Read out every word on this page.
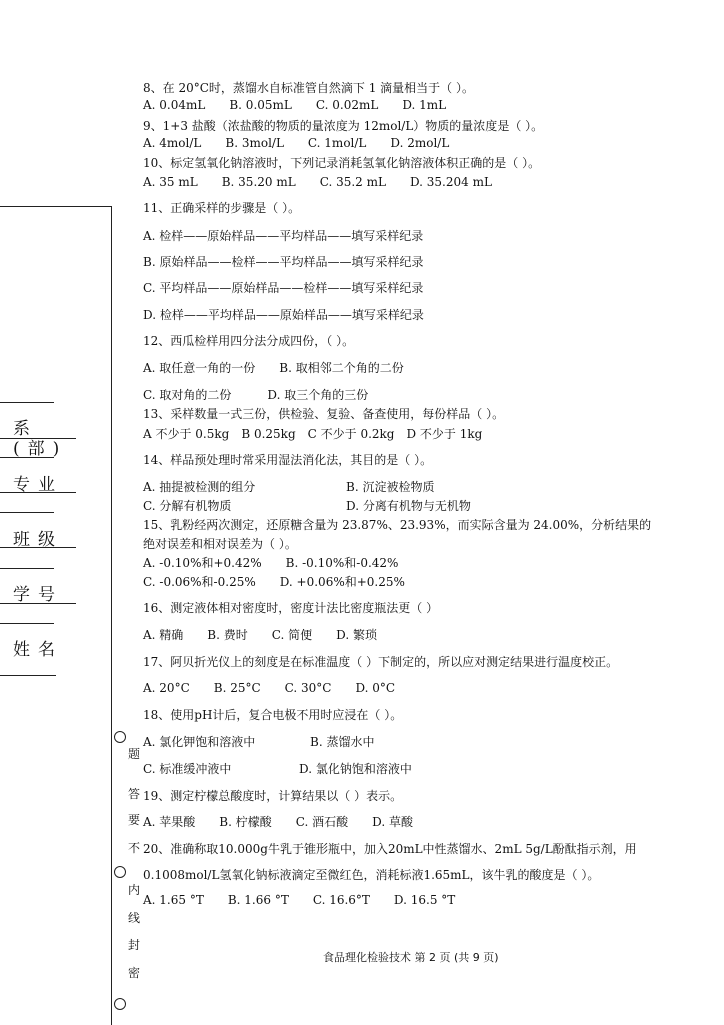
系(部)
专业
班级
学号
姓名
题
答
要
不
内
线
封
密
8、在 20°C时，蒸馏水自标准管自然滴下 1 滴量相当于（ ）。
A. 0.04mL　　B. 0.05mL　　C. 0.02mL　　D. 1mL
9、1+3 盐酸（浓盐酸的物质的量浓度为 12mol/L）物质的量浓度是（ ）。
A. 4mol/L　　B. 3mol/L　　C. 1mol/L　　D. 2mol/L
10、标定氢氧化钠溶液时，下列记录消耗氢氧化钠溶液体积正确的是（ ）。
A. 35 mL　　B. 35.20 mL　　C. 35.2 mL　　D. 35.204 mL
11、正确采样的步骤是（ ）。
A. 检样——原始样品——平均样品——填写采样纪录
B. 原始样品——检样——平均样品——填写采样纪录
C. 平均样品——原始样品——检样——填写采样纪录
D. 检样——平均样品——原始样品——填写采样纪录
12、西瓜检样用四分法分成四份，（ ）。
A. 取任意一角的一份　　B. 取相邻二个角的二份
C. 取对角的二份　　　D. 取三个角的三份
13、采样数量一式三份，供检验、复验、备查使用，每份样品（ ）。
A 不少于 0.5kg　B 0.25kg　C 不少于 0.2kg　D 不少于 1kg
14、样品预处理时常采用湿法消化法，其目的是（ ）。
A. 抽提被检测的组分	B. 沉淀被检物质
C. 分解有机物质	D. 分离有机物与无机物
15、乳粉经两次测定，还原糖含量为 23.87%、23.93%，而实际含量为 24.00%，分析结果的
绝对误差和相对误差为（ ）。
A. -0.10%和+0.42%　　B. -0.10%和-0.42%
C. -0.06%和-0.25%　　D. +0.06%和+0.25%
16、测定液体相对密度时，密度计法比密度瓶法更（ ）
A. 精确　　B. 费时　　C. 简便　　D. 繁琐
17、阿贝折光仪上的刻度是在标准温度（ ）下制定的，所以应对测定结果进行温度校正。
A. 20°C　　B. 25°C　　C. 30°C　　D. 0°C
18、使用pH计后，复合电极不用时应浸在（ ）。
A. 氯化钾饱和溶液中	B. 蒸馏水中
C. 标准缓冲液中	D. 氯化钠饱和溶液中
19、测定柠檬总酸度时，计算结果以（ ）表示。
A. 苹果酸　　B. 柠檬酸　　C. 酒石酸　　D. 草酸
20、准确称取10.000g牛乳于锥形瓶中，加入20mL中性蒸馏水、2mL 5g/L酚酞指示剂，用
0.1008mol/L氢氧化钠标液滴定至微红色，消耗标液1.65mL，该牛乳的酸度是（ ）。
A. 1.65 °T　　B. 1.66 °T　　C. 16.6°T　　D. 16.5 °T
食品理化检验技术 第 2 页 (共 9 页)
